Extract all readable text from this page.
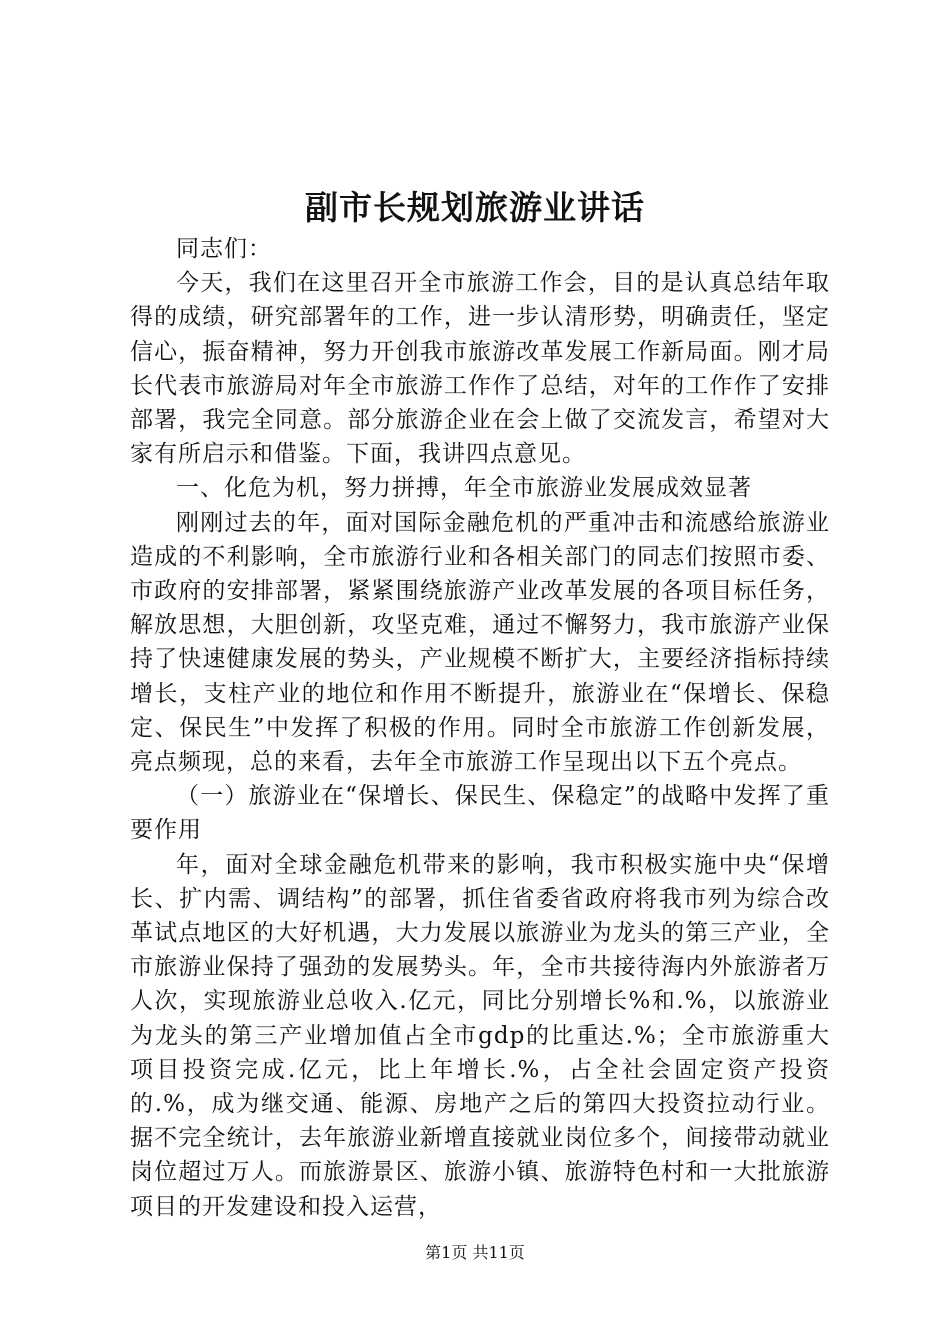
副市长规划旅游业讲话

同志们：

今天，我们在这里召开全市旅游工作会，目的是认真总结年取得的成绩，研究部署年的工作，进一步认清形势，明确责任，坚定信心，振奋精神，努力开创我市旅游改革发展工作新局面。刚才局长代表市旅游局对年全市旅游工作作了总结，对年的工作作了安排部署，我完全同意。部分旅游企业在会上做了交流发言，希望对大家有所启示和借鉴。下面，我讲四点意见。

一、化危为机，努力拼搏，年全市旅游业发展成效显著

刚刚过去的年，面对国际金融危机的严重冲击和流感给旅游业造成的不利影响，全市旅游行业和各相关部门的同志们按照市委、市政府的安排部署，紧紧围绕旅游产业改革发展的各项目标任务，解放思想，大胆创新，攻坚克难，通过不懈努力，我市旅游产业保持了快速健康发展的势头，产业规模不断扩大，主要经济指标持续增长，支柱产业的地位和作用不断提升，旅游业在“保增长、保稳定、保民生”中发挥了积极的作用。同时全市旅游工作创新发展，亮点频现，总的来看，去年全市旅游工作呈现出以下五个亮点。

（一）旅游业在“保增长、保民生、保稳定”的战略中发挥了重要作用

年，面对全球金融危机带来的影响，我市积极实施中央“保增长、扩内需、调结构”的部署，抓住省委省政府将我市列为综合改革试点地区的大好机遇，大力发展以旅游业为龙头的第三产业，全市旅游业保持了强劲的发展势头。年，全市共接待海内外旅游者万人次，实现旅游业总收入.亿元，同比分别增长%和.%，以旅游业为龙头的第三产业增加值占全市gdp的比重达.%；全市旅游重大项目投资完成.亿元，比上年增长.%，占全社会固定资产投资的.%，成为继交通、能源、房地产之后的第四大投资拉动行业。据不完全统计，去年旅游业新增直接就业岗位多个，间接带动就业岗位超过万人。而旅游景区、旅游小镇、旅游特色村和一大批旅游项目的开发建设和投入运营，

第1页 共11页
